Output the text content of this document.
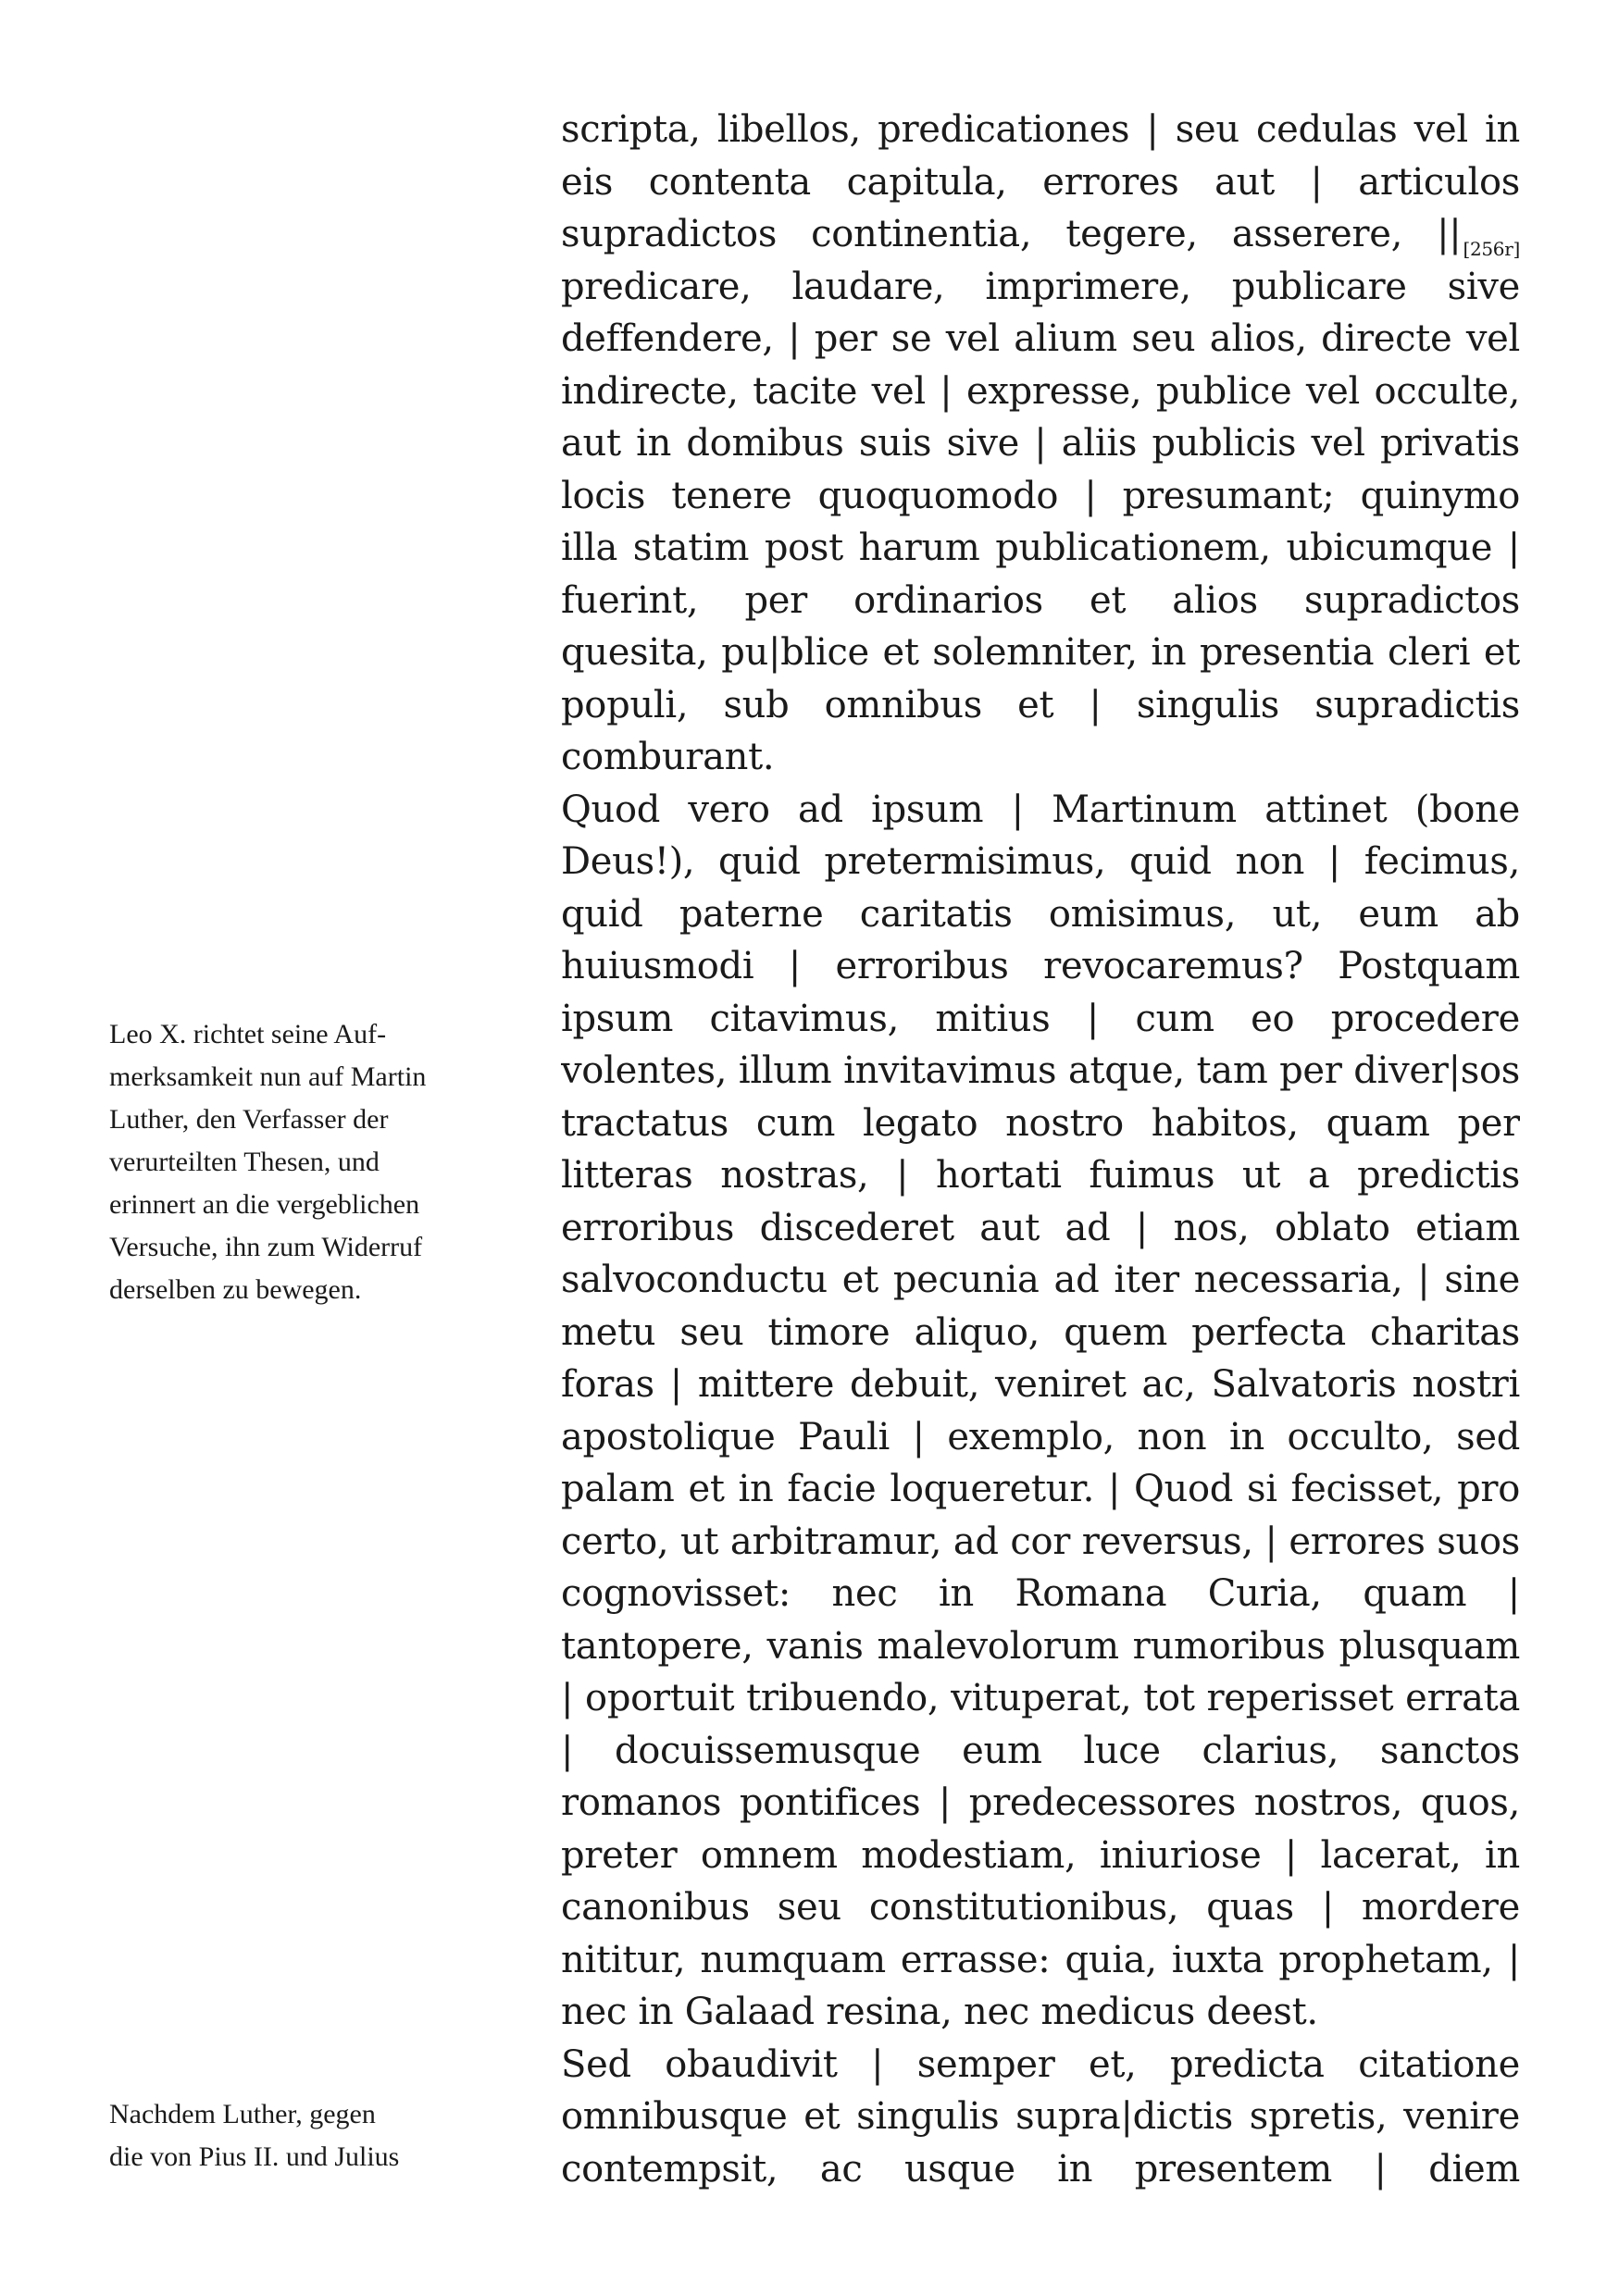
scripta, libellos, predicationes | seu cedulas vel in
eis contenta capitula, errores aut | articulos
supradictos continentia, tegere, asserere, || $_{[256r]}$
predicare, laudare, imprimere, publicare sive
deffendere, | per se vel alium seu alios, directe vel
indirecte, tacite vel | expresse, publice vel occulte,
aut in domibus suis sive | aliis publicis vel privatis
locis tenere quoquomodo | presumant; quinymo
illa statim post harum publicationem, ubicumque |
fuerint, per ordinarios et alios supradictos
quesita, pu|blice et solemniter, in presentia cleri et
populi, sub omnibus et | singulis supradictis
comburant.
Quod vero ad ipsum | Martinum attinet (bone
Deus!), quid pretermisimus, quid non | fecimus,
quid paterne caritatis omisimus, ut, eum ab
huiusmodi | erroribus revocaremus? Postquam
ipsum citavimus, mitius | cum eo procedere
volentes, illum invitavimus atque, tam per diver|sos
tractatus cum legato nostro habitos, quam per
litteras nostras, | hortati fuimus ut a predictis
erroribus discederet aut ad | nos, oblato etiam
salvoconductu et pecunia ad iter necessaria, | sine
metu seu timore aliquo, quem perfecta charitas
foras | mittere debuit, veniret ac, Salvatoris nostri
apostolique Pauli | exemplo, non in occulto, sed
palam et in facie loqueretur. | Quod si fecisset, pro
certo, ut arbitramur, ad cor reversus, | errores suos
cognovisset: nec in Romana Curia, quam |
tantopere, vanis malevolorum rumoribus plusquam
| oportuit tribuendo, vituperat, tot reperisset errata
| docuissemusque eum luce clarius, sanctos
romanos pontifices | predecessores nostros, quos,
preter omnem modestiam, iniuriose | lacerat, in
canonibus seu constitutionibus, quas | mordere
nititur, numquam errasse: quia, iuxta prophetam, |
nec in Galaad resina, nec medicus deest.
Sed obaudivit | semper et, predicta citatione
omnibusque et singulis supra|dictis spretis, venire
contempsit, ac usque in presentem | diem
Leo X. richtet seine Auf-
merksamkeit nun auf Martin
Luther, den Verfasser der
verurteilten Thesen, und
erinnert an die vergeblichen
Versuche, ihn zum Widerruf
derselben zu bewegen.
Nachdem Luther, gegen
die von Pius II. und Julius
